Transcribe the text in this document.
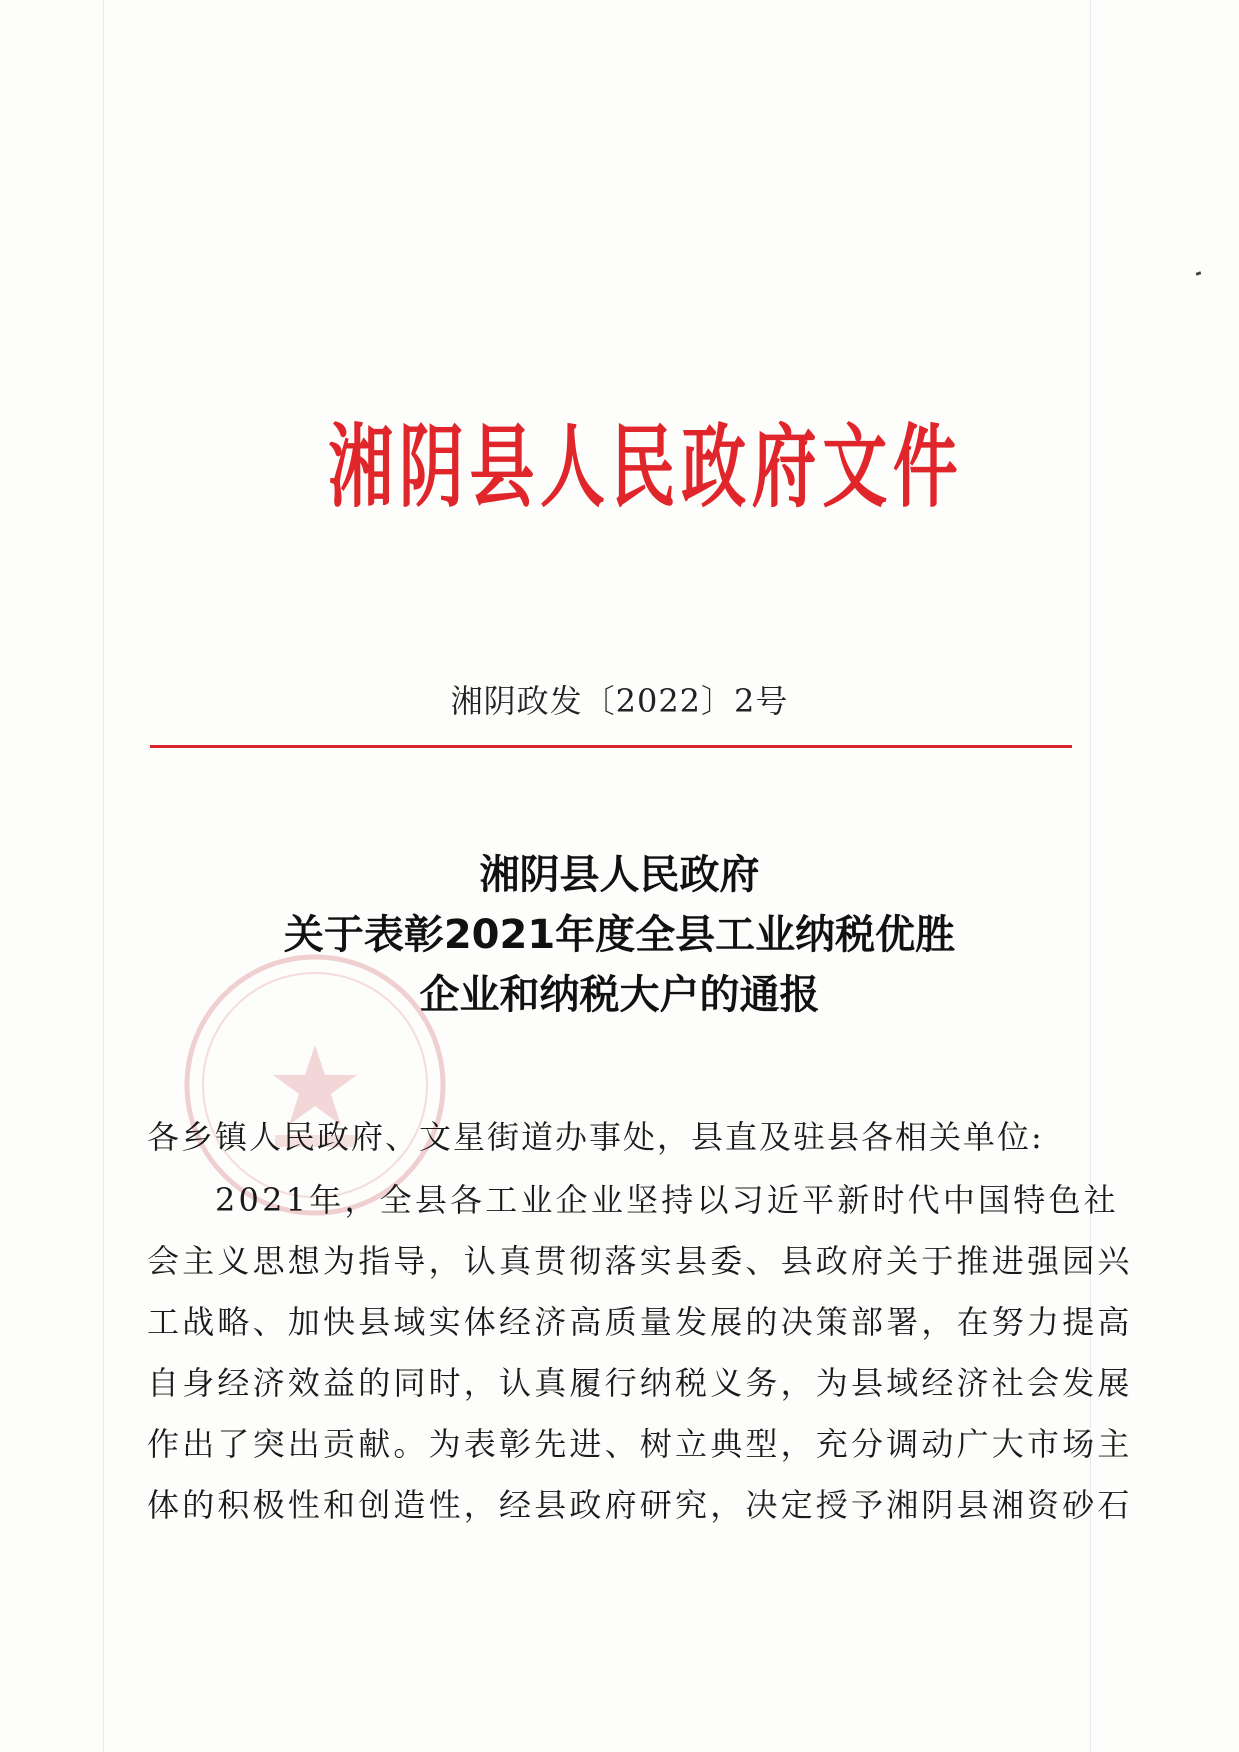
湘阴县人民政府文件
湘阴政发〔2022〕2号
湘阴县人民政府
关于表彰2021年度全县工业纳税优胜
企业和纳税大户的通报
各乡镇人民政府、文星街道办事处，县直及驻县各相关单位:
2021年，全县各工业企业坚持以习近平新时代中国特色社
会主义思想为指导，认真贯彻落实县委、县政府关于推进强园兴
工战略、加快县域实体经济高质量发展的决策部署，在努力提高
自身经济效益的同时，认真履行纳税义务，为县域经济社会发展
作出了突出贡献。为表彰先进、树立典型，充分调动广大市场主
体的积极性和创造性，经县政府研究，决定授予湘阴县湘资砂石
